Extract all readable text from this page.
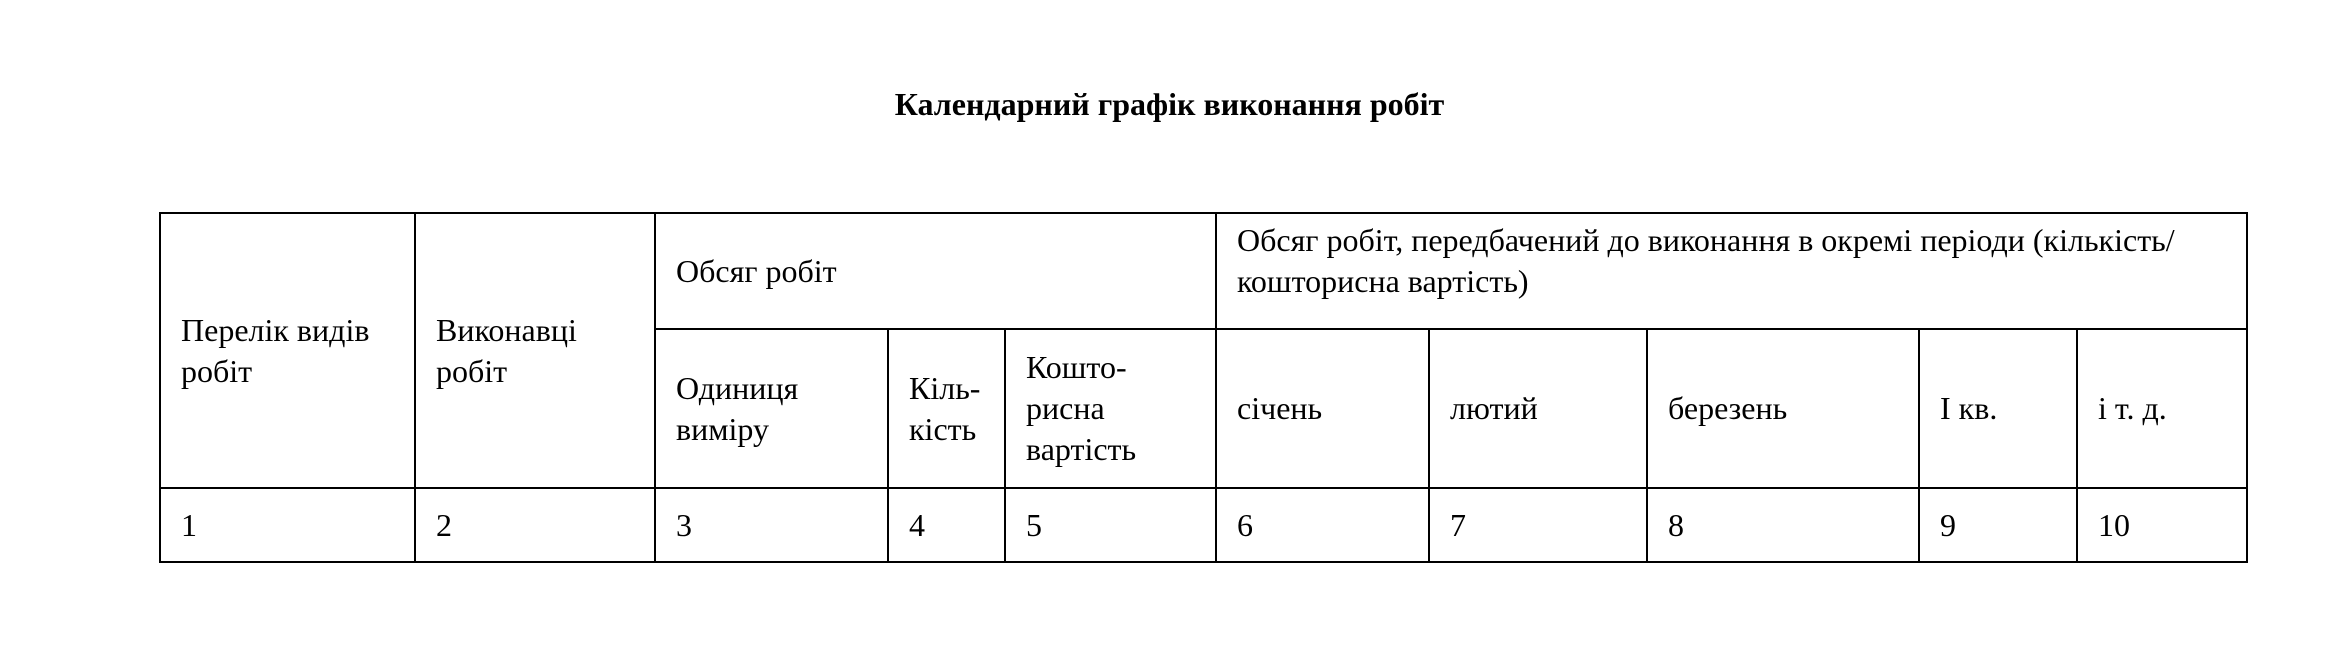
Календарний графік виконання робіт
Перелік видів робіт	Виконавці робіт	Обсяг робіт			Обсяг робіт, передбачений до виконання в окремі періоди (кількість/кошторисна вартість)				
		Одиниця виміру	Кіль-кість	Кошто-рисна вартість	січень	лютий	березень	І кв.	і т. д.
1	2	3	4	5	6	7	8	9	10
